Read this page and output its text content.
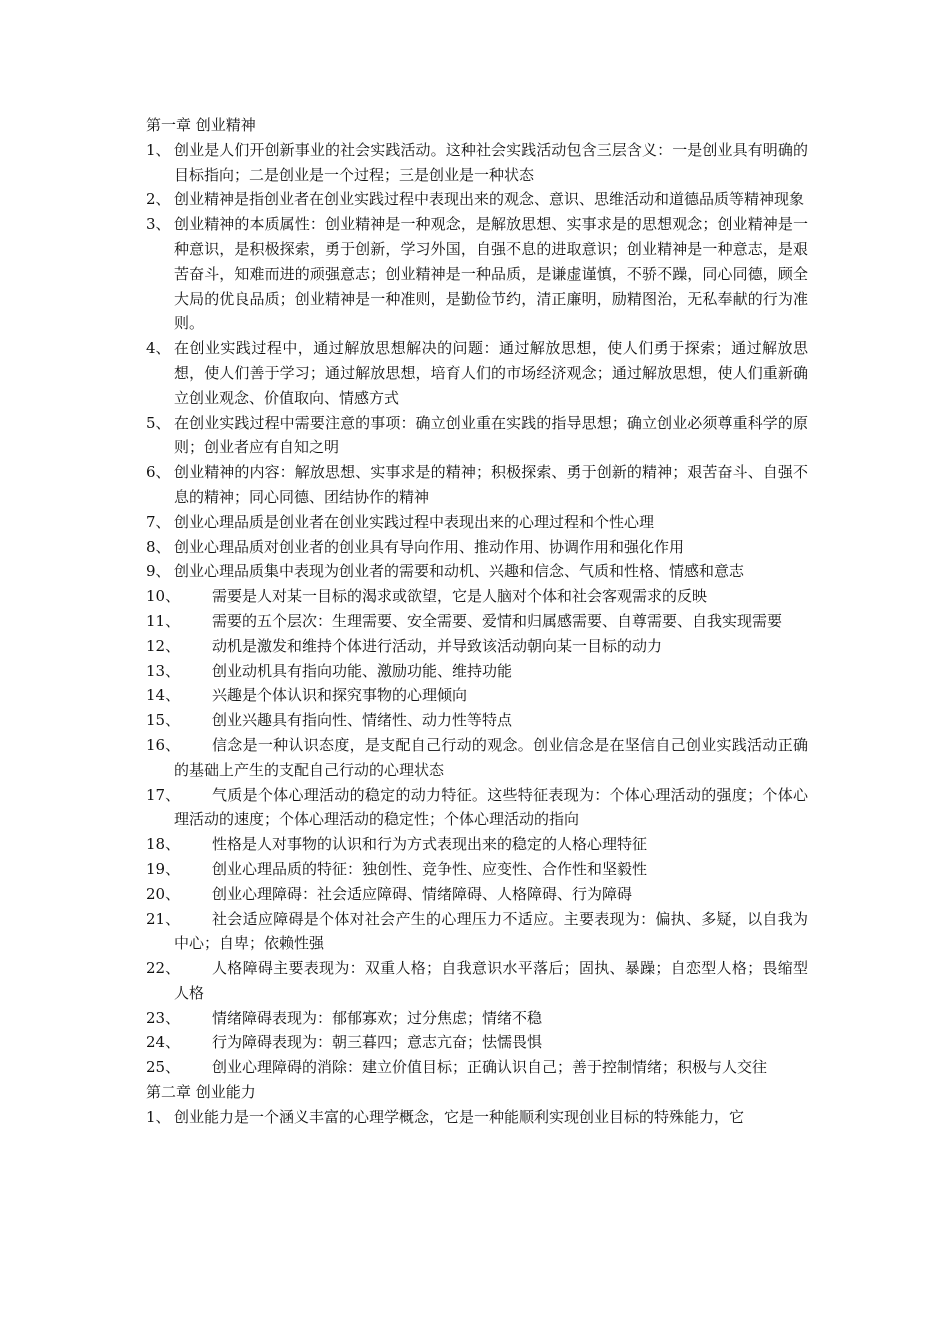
第一章 创业精神
1、 创业是人们开创新事业的社会实践活动。这种社会实践活动包含三层含义：一是创业具有明确的目标指向；二是创业是一个过程；三是创业是一种状态
2、 创业精神是指创业者在创业实践过程中表现出来的观念、意识、思维活动和道德品质等精神现象
3、 创业精神的本质属性：创业精神是一种观念，是解放思想、实事求是的思想观念；创业精神是一种意识，是积极探索，勇于创新，学习外国，自强不息的进取意识；创业精神是一种意志，是艰苦奋斗，知难而进的顽强意志；创业精神是一种品质，是谦虚谨慎，不骄不躁，同心同德，顾全大局的优良品质；创业精神是一种准则，是勤俭节约，清正廉明，励精图治，无私奉献的行为准则。
4、 在创业实践过程中，通过解放思想解决的问题：通过解放思想，使人们勇于探索；通过解放思想，使人们善于学习；通过解放思想，培育人们的市场经济观念；通过解放思想，使人们重新确立创业观念、价值取向、情感方式
5、 在创业实践过程中需要注意的事项：确立创业重在实践的指导思想；确立创业必须尊重科学的原则；创业者应有自知之明
6、 创业精神的内容：解放思想、实事求是的精神；积极探索、勇于创新的精神；艰苦奋斗、自强不息的精神；同心同德、团结协作的精神
7、 创业心理品质是创业者在创业实践过程中表现出来的心理过程和个性心理
8、 创业心理品质对创业者的创业具有导向作用、推动作用、协调作用和强化作用
9、 创业心理品质集中表现为创业者的需要和动机、兴趣和信念、气质和性格、情感和意志
10、	需要是人对某一目标的渴求或欲望，它是人脑对个体和社会客观需求的反映
11、	需要的五个层次：生理需要、安全需要、爱情和归属感需要、自尊需要、自我实现需要
12、	动机是激发和维持个体进行活动，并导致该活动朝向某一目标的动力
13、	创业动机具有指向功能、激励功能、维持功能
14、	兴趣是个体认识和探究事物的心理倾向
15、	创业兴趣具有指向性、情绪性、动力性等特点
16、	信念是一种认识态度，是支配自己行动的观念。创业信念是在坚信自己创业实践活动正确的基础上产生的支配自己行动的心理状态
17、	气质是个体心理活动的稳定的动力特征。这些特征表现为：个体心理活动的强度；个体心理活动的速度；个体心理活动的稳定性；个体心理活动的指向
18、	性格是人对事物的认识和行为方式表现出来的稳定的人格心理特征
19、	创业心理品质的特征：独创性、竞争性、应变性、合作性和坚毅性
20、	创业心理障碍：社会适应障碍、情绪障碍、人格障碍、行为障碍
21、	社会适应障碍是个体对社会产生的心理压力不适应。主要表现为：偏执、多疑，以自我为中心；自卑；依赖性强
22、	人格障碍主要表现为：双重人格；自我意识水平落后；固执、暴躁；自恋型人格；畏缩型人格
23、	情绪障碍表现为：郁郁寡欢；过分焦虑；情绪不稳
24、	行为障碍表现为：朝三暮四；意志亢奋；怯懦畏惧
25、	创业心理障碍的消除：建立价值目标；正确认识自己；善于控制情绪；积极与人交往
第二章 创业能力
1、 创业能力是一个涵义丰富的心理学概念，它是一种能顺利实现创业目标的特殊能力，它
